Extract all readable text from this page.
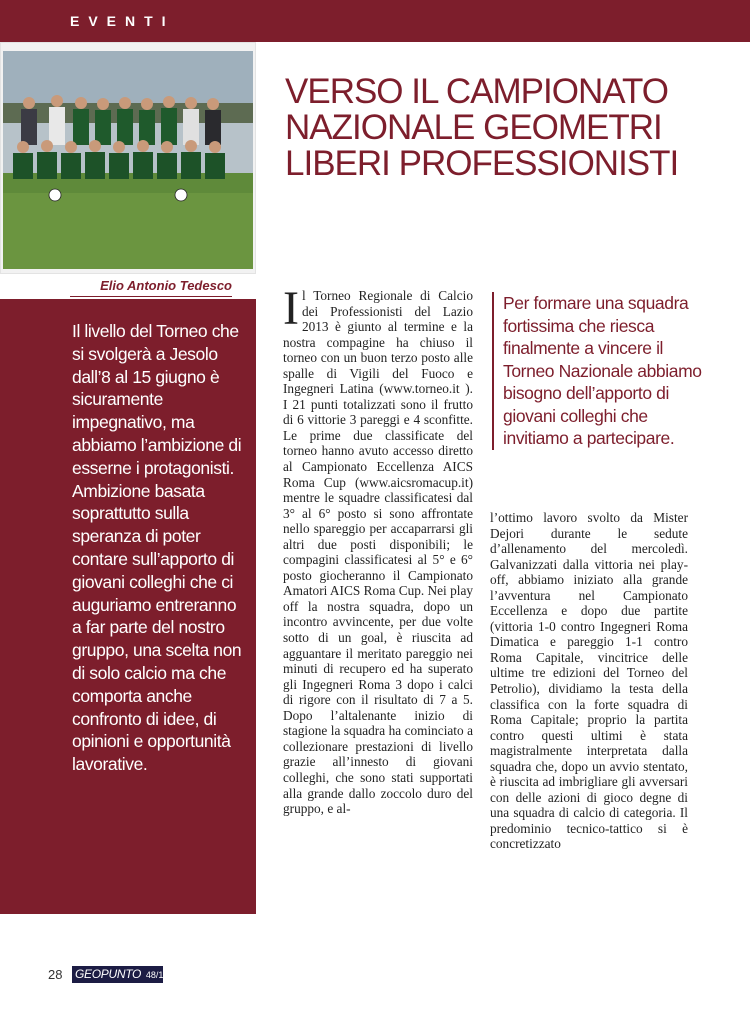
EVENTI
Elio Antonio Tedesco

Il livello del Torneo che si svolgerà a Jesolo dall’8 al 15 giugno è sicuramente impegnativo, ma abbiamo l’ambizione di esserne i protagonisti. Ambizione basata soprattutto sulla speranza di poter contare sull’apporto di giovani colleghi che ci auguriamo entreranno a far parte del nostro gruppo, una scelta non di solo calcio ma che comporta anche confronto di idee, di opinioni e opportunità lavorative.

VERSO IL CAMPIONATO
NAZIONALE GEOMETRI
LIBERI PROFESSIONISTI
I l Torneo Regionale di Calcio dei Professionisti del Lazio 2013 è giunto al termine e la nostra compagine ha chiuso il torneo con un buon terzo posto alle spalle di Vigili del Fuoco e Ingegneri Latina (www.torneo.it ). I 21 punti totalizzati sono il frutto di 6 vittorie 3 pareggi e 4 sconfitte. Le prime due classificate del torneo hanno avuto accesso diretto al Campionato Eccellenza AICS Roma Cup (www.aicsromacup.it) mentre le squadre classificatesi dal 3° al 6° posto si sono affrontate nello spareggio per accaparrarsi gli altri due posti disponibili; le compagini classificatesi al 5° e 6° posto giocheranno il Campionato Amatori AICS Roma Cup. Nei play off la nostra squadra, dopo un incontro avvincente, per due volte sotto di un goal, è riuscita ad agguantare il meritato pareggio nei minuti di recupero ed ha superato gli Ingegneri Roma 3 dopo i calci di rigore con il risultato di 7 a 5. Dopo l’altalenante inizio di stagione la squadra ha cominciato a collezionare prestazioni di livello grazie all’innesto di giovani colleghi, che sono stati supportati alla grande dallo zoccolo duro del gruppo, e al-

Per formare una squadra fortissima che riesca finalmente a vincere il Torneo Nazionale abbiamo bisogno dell’apporto di giovani colleghi che invitiamo a partecipare.

l’ottimo lavoro svolto da Mister Dejori durante le sedute d’allenamento del mercoledì. Galvanizzati dalla vittoria nei play-off, abbiamo iniziato alla grande l’avventura nel Campionato Eccellenza e dopo due partite (vittoria 1-0 contro Ingegneri Roma Dimatica e pareggio 1-1 contro Roma Capitale, vincitrice delle ultime tre edizioni del Torneo del Petrolio), dividiamo la testa della classifica con la forte squadra di Roma Capitale; proprio la partita contro questi ultimi è stata magistralmente interpretata dalla squadra che, dopo un avvio stentato, è riuscita ad imbrigliare gli avversari con delle azioni di gioco degne di una squadra di calcio di categoria. Il predominio tecnico-tattico si è concretizzato
28 GEOPUNTO 48/13
